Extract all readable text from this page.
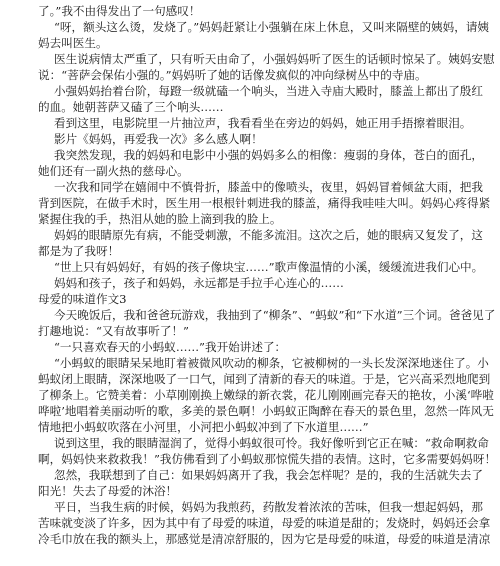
了。”我不由得发出了一句感叹！
“呀，额头这么烫，发烧了。”妈妈赶紧让小强躺在床上休息，又叫来隔壁的姨妈，请姨
妈去叫医生。
医生说病情太严重了，只有听天由命了，小强妈妈听了医生的话顿时惊呆了。姨妈安慰
说：“菩萨会保佑小强的。”妈妈听了她的话像发疯似的冲向绿树丛中的寺庙。
小强妈妈抬着台阶，每蹬一级就磕一个响头，当进入寺庙大殿时，膝盖上都出了殷红
的血。她朝菩萨又磕了三个响头……
看到这里，电影院里一片抽泣声，我看看坐在旁边的妈妈，她正用手捂擦着眼泪。
影片《妈妈，再爱我一次》多么感人啊！
我突然发现，我的妈妈和电影中小强的妈妈多么的相像：瘦弱的身体，苍白的面孔，
她们还有一副火热的慈母心。
一次我和同学在嬉闹中不慎骨折，膝盖中的像喷头，夜里，妈妈冒着倾盆大雨，把我
背到医院，在做手术时，医生用一根根针刺进我的膝盖，痛得我哇哇大叫。妈妈心疼得紧
紧握住我的手，热泪从她的脸上滴到我的脸上。
妈妈的眼睛原先有病，不能受刺激，不能多流泪。这次之后，她的眼病又复发了，这
都是为了我呀！
“世上只有妈妈好，有妈的孩子像块宝……”歌声像温情的小溪，缓缓流进我们心中。
妈妈和孩子，孩子和妈妈，永远都是手拉手心连心的……
母爱的味道作文3
今天晚饭后，我和爸爸玩游戏，我抽到了“柳条”、“蚂蚁”和“下水道”三个词。爸爸见了
打趣地说：“又有故事听了！”
“一只喜欢春天的小蚂蚁……”我开始讲述了：
“小蚂蚁的眼睛呆呆地盯着被微风吹动的柳条，它被柳树的一头长发深深地迷住了。小
蚂蚁闭上眼睛，深深地吸了一口气，闻到了清新的春天的味道。于是，它兴高采烈地爬到
了柳条上。它赞美着：小草刚刚换上嫩绿的新衣裳，花儿刚刚画完春天的艳妆，小溪‘哗啦
哗啦’地唱着美丽动听的歌，多美的景色啊！小蚂蚁正陶醉在春天的景色里，忽然一阵风无
情地把小蚂蚁吹落在小河里，小河把小蚂蚁冲到了下水道里……”
说到这里，我的眼睛湿润了，觉得小蚂蚁很可怜。我好像听到它正在喊：“救命啊救命
啊，妈妈快来救救我！”我仿佛看到了小蚂蚁那惊慌失措的表情。这时，它多需要妈妈呀！
忽然，我联想到了自己：如果妈妈离开了我，我会怎样呢？是的，我的生活就失去了
阳光！失去了母爱的沐浴！
平日，当我生病的时候，妈妈为我煎药，药散发着浓浓的苦味，但我一想起妈妈，那
苦味就变淡了许多，因为其中有了母爱的味道，母爱的味道是甜的；发烧时，妈妈还会拿
冷毛巾放在我的额头上，那感觉是清凉舒服的，因为它是母爱的味道，母爱的味道是清凉
